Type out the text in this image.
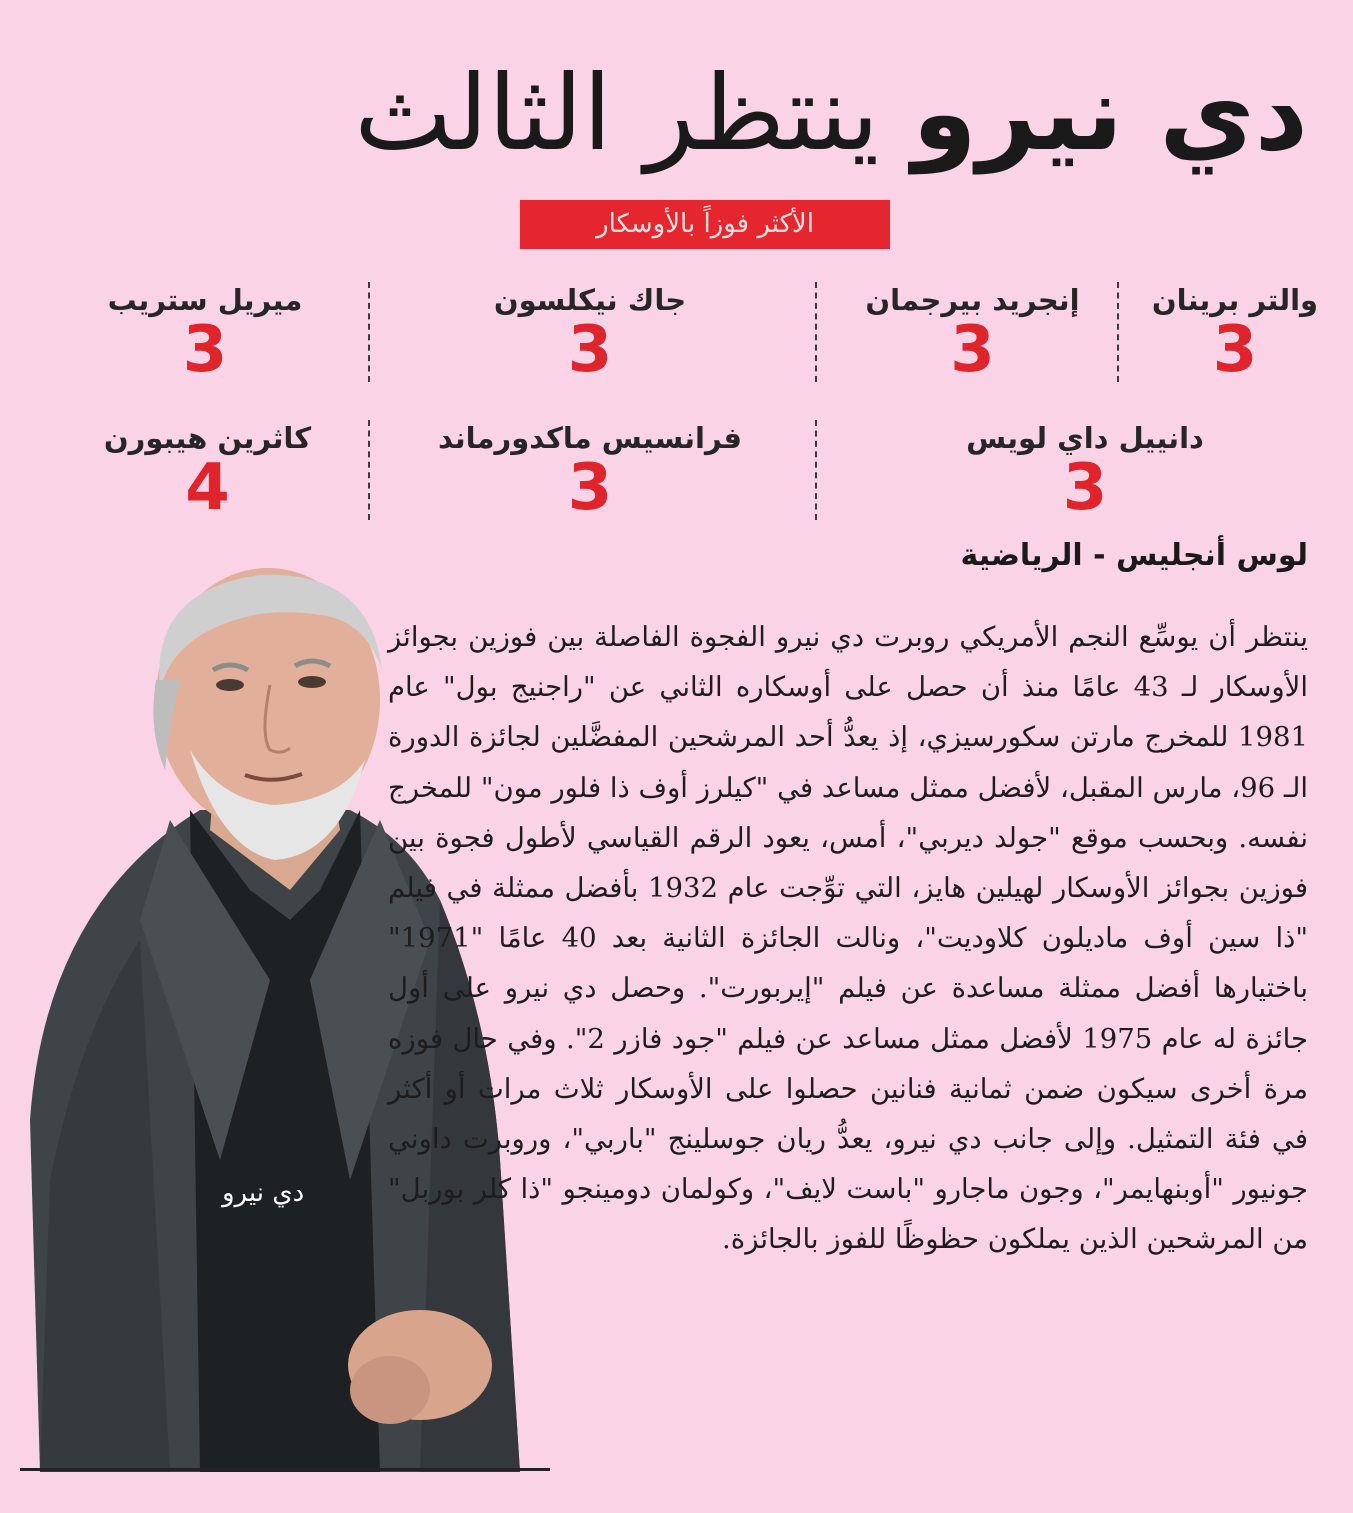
دي نيرو ينتظر الثالث
الأكثر فوزاً بالأوسكار
والتر برينان
3
إنجريد بيرجمان
3
جاك نيكلسون
3
ميريل ستريب
3
دانييل داي لويس
3
فرانسيس ماكدورماند
3
كاثرين هيبورن
4
لوس أنجليس - الرياضية
دي نيرو
ينتظر أن يوسِّع النجم الأمريكي روبرت دي نيرو الفجوة الفاصلة بين فوزين بجوائز الأوسكار لـ 43 عامًا منذ أن حصل على أوسكاره الثاني عن "راجنيج بول" عام 1981 للمخرج مارتن سكورسيزي، إذ يعدُّ أحد المرشحين المفضَّلين لجائزة الدورة الـ 96، مارس المقبل، لأفضل ممثل مساعد في "كيلرز أوف ذا فلور مون" للمخرج نفسه. وبحسب موقع "جولد ديربي"، أمس، يعود الرقم القياسي لأطول فجوة بين فوزين بجوائز الأوسكار لهيلين هايز، التي توِّجت عام 1932 بأفضل ممثلة في فيلم "ذا سين أوف ماديلون كلاوديت"، ونالت الجائزة الثانية بعد 40 عامًا "1971" باختيارها أفضل ممثلة مساعدة عن فيلم "إيربورت". وحصل دي نيرو على أول جائزة له عام 1975 لأفضل ممثل مساعد عن فيلم "جود فازر 2". وفي حال فوزه مرة أخرى سيكون ضمن ثمانية فنانين حصلوا على الأوسكار ثلاث مرات أو أكثر في فئة التمثيل. وإلى جانب دي نيرو، يعدُّ ريان جوسلينج "باربي"، وروبرت داوني جونيور "أوبنهايمر"، وجون ماجارو "باست لايف"، وكولمان دومينجو "ذا كلر بوربل" من المرشحين الذين يملكون حظوظًا للفوز بالجائزة.
